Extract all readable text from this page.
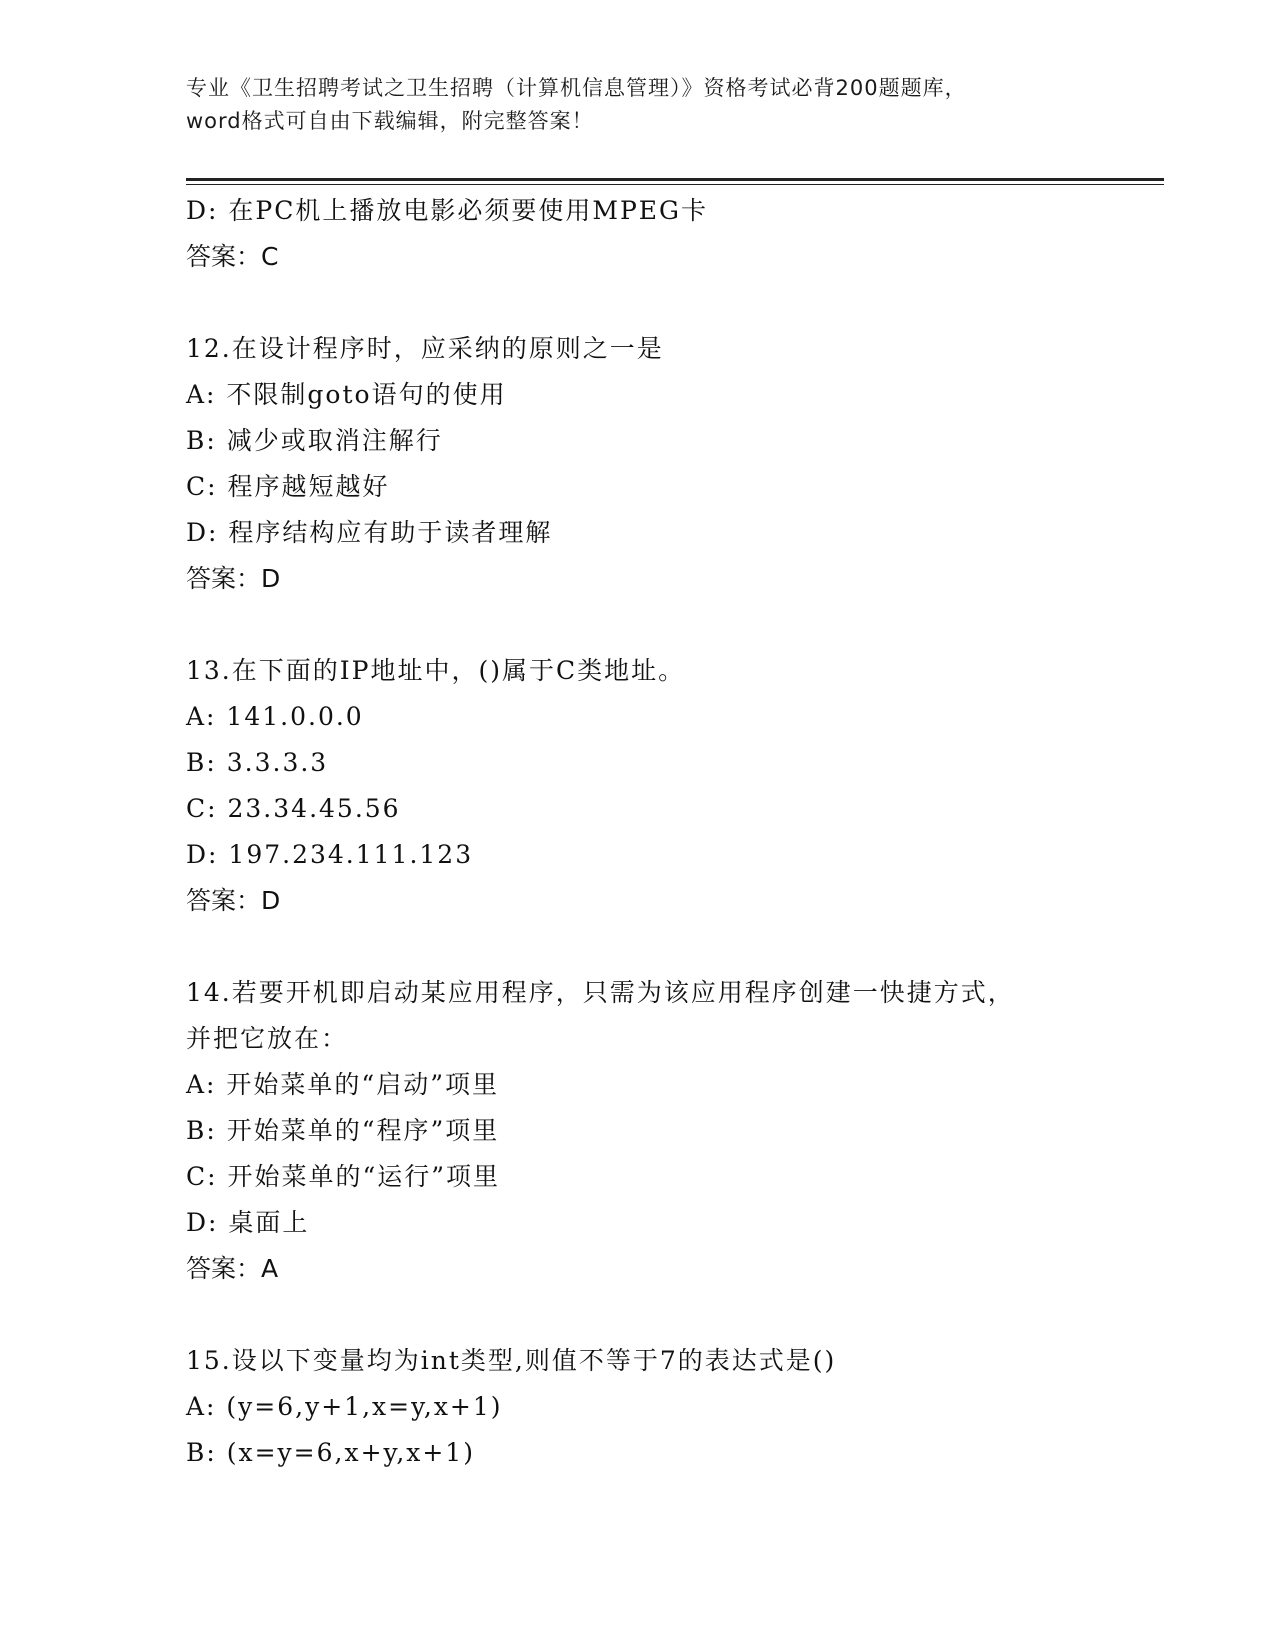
专业《卫生招聘考试之卫生招聘（计算机信息管理）》资格考试必背200题题库，
word格式可自由下载编辑，附完整答案！
D: 在PC机上播放电影必须要使用MPEG卡
答案：C
12.在设计程序时，应采纳的原则之一是
A: 不限制goto语句的使用
B: 减少或取消注解行
C: 程序越短越好
D: 程序结构应有助于读者理解
答案：D
13.在下面的IP地址中，()属于C类地址。
A: 141.0.0.0
B: 3.3.3.3
C: 23.34.45.56
D: 197.234.111.123
答案：D
14.若要开机即启动某应用程序，只需为该应用程序创建一快捷方式，
并把它放在：
A: 开始菜单的“启动”项里
B: 开始菜单的“程序”项里
C: 开始菜单的“运行”项里
D: 桌面上
答案：A
15.设以下变量均为int类型,则值不等于7的表达式是()
A: (y=6,y+1,x=y,x+1)
B: (x=y=6,x+y,x+1)
